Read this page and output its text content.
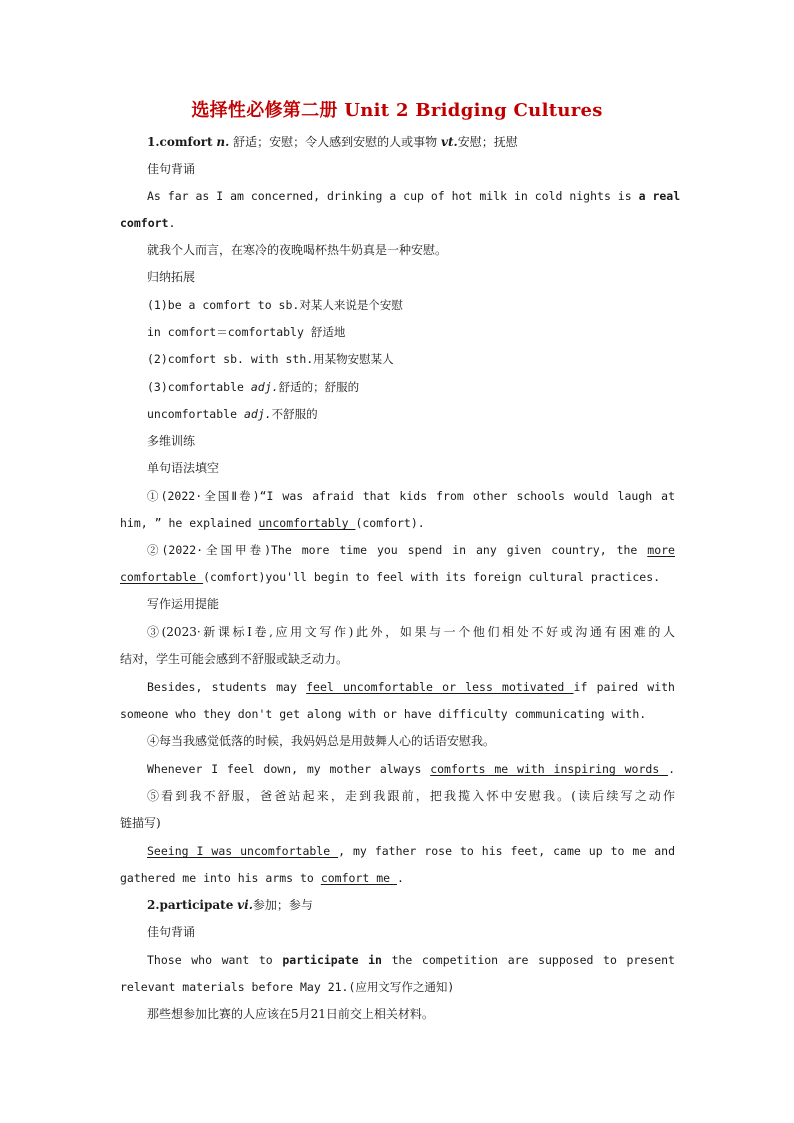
选择性必修第二册 Unit 2 Bridging Cultures
1.comfort n. 舒适；安慰；令人感到安慰的人或事物 vt.安慰；抚慰
佳句背诵
As far as I am concerned, drinking a cup of hot milk in cold nights is a real
comfort.
就我个人而言，在寒冷的夜晚喝杯热牛奶真是一种安慰。
归纳拓展
(1)be a comfort to sb.对某人来说是个安慰
in comfort＝comfortably 舒适地
(2)comfort sb. with sth.用某物安慰某人
(3)comfortable adj.舒适的；舒服的
uncomfortable adj.不舒服的
多维训练
单句语法填空
①(2022·全国Ⅱ卷)“I was afraid that kids from other schools would laugh at
him, ” he explained uncomfortably (comfort).
②(2022·全国甲卷)The more time you spend in any given country, the more
comfortable (comfort)you'll begin to feel with its foreign cultural practices.
写作运用提能
③(2023·新课标Ⅰ卷,应用文写作)此外，如果与一个他们相处不好或沟通有困难的人
结对，学生可能会感到不舒服或缺乏动力。
Besides, students may feel uncomfortable or less motivated if paired with
someone who they don't get along with or have difficulty communicating with.
④每当我感觉低落的时候，我妈妈总是用鼓舞人心的话语安慰我。
Whenever I feel down, my mother always comforts me with inspiring words .
⑤看到我不舒服，爸爸站起来，走到我跟前，把我揽入怀中安慰我。(读后续写之动作
链描写)
Seeing I was uncomfortable , my father rose to his feet, came up to me and
gathered me into his arms to comfort me .
2.participate vi.参加；参与
佳句背诵
Those who want to participate in the competition are supposed to present
relevant materials before May 21.(应用文写作之通知)
那些想参加比赛的人应该在5月21日前交上相关材料。
